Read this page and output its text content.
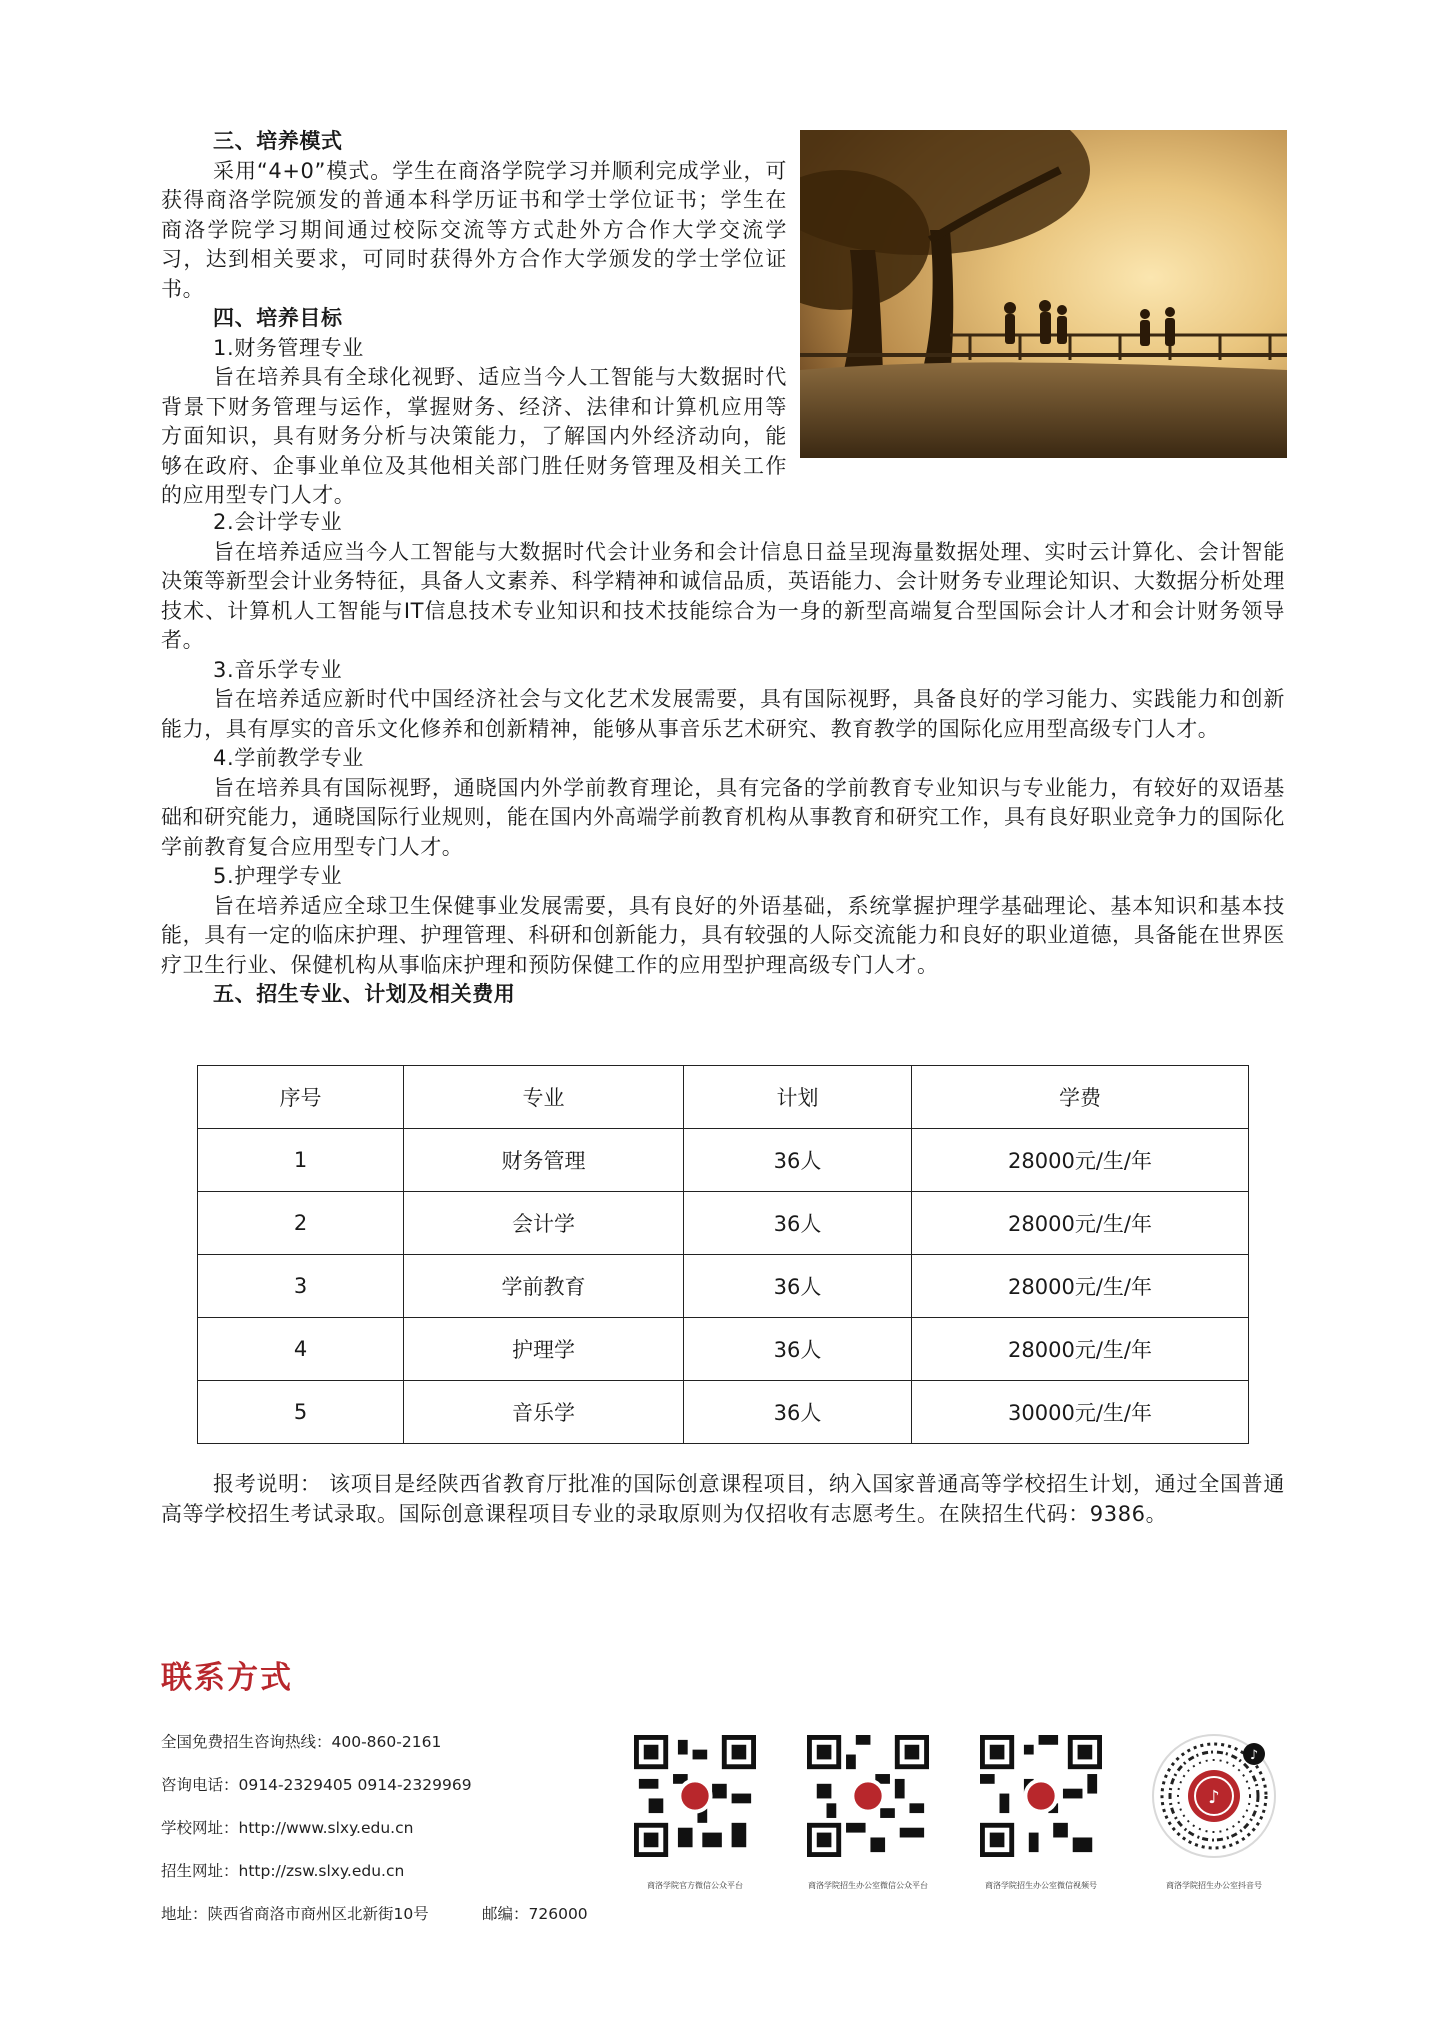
三、培养模式

采用“4+0”模式。学生在商洛学院学习并顺利完成学业，可获得商洛学院颁发的普通本科学历证书和学士学位证书；学生在商洛学院学习期间通过校际交流等方式赴外方合作大学交流学习，达到相关要求，可同时获得外方合作大学颁发的学士学位证书。

四、培养目标

1.财务管理专业

旨在培养具有全球化视野、适应当今人工智能与大数据时代背景下财务管理与运作，掌握财务、经济、法律和计算机应用等方面知识，具有财务分析与决策能力，了解国内外经济动向，能够在政府、企事业单位及其他相关部门胜任财务管理及相关工作的应用型专门人才。

2.会计学专业

旨在培养适应当今人工智能与大数据时代会计业务和会计信息日益呈现海量数据处理、实时云计算化、会计智能决策等新型会计业务特征，具备人文素养、科学精神和诚信品质，英语能力、会计财务专业理论知识、大数据分析处理技术、计算机人工智能与IT信息技术专业知识和技术技能综合为一身的新型高端复合型国际会计人才和会计财务领导者。

3.音乐学专业

旨在培养适应新时代中国经济社会与文化艺术发展需要，具有国际视野，具备良好的学习能力、实践能力和创新能力，具有厚实的音乐文化修养和创新精神，能够从事音乐艺术研究、教育教学的国际化应用型高级专门人才。

4.学前教学专业

旨在培养具有国际视野，通晓国内外学前教育理论，具有完备的学前教育专业知识与专业能力，有较好的双语基础和研究能力，通晓国际行业规则，能在国内外高端学前教育机构从事教育和研究工作，具有良好职业竞争力的国际化学前教育复合应用型专门人才。

5.护理学专业

旨在培养适应全球卫生保健事业发展需要，具有良好的外语基础，系统掌握护理学基础理论、基本知识和基本技能，具有一定的临床护理、护理管理、科研和创新能力，具有较强的人际交流能力和良好的职业道德，具备能在世界医疗卫生行业、保健机构从事临床护理和预防保健工作的应用型护理高级专门人才。

五、招生专业、计划及相关费用

序号	专业	计划	学费
1	财务管理	36人	28000元/生/年
2	会计学	36人	28000元/生/年
3	学前教育	36人	28000元/生/年
4	护理学	36人	28000元/生/年
5	音乐学	36人	30000元/生/年

报考说明： 该项目是经陕西省教育厅批准的国际创意课程项目，纳入国家普通高等学校招生计划，通过全国普通高等学校招生考试录取。国际创意课程项目专业的录取原则为仅招收有志愿考生。在陕招生代码：9386。

联系方式

全国免费招生咨询热线：400-860-2161

咨询电话：0914-2329405 0914-2329969

学校网址：http://www.slxy.edu.cn

招生网址：http://zsw.slxy.edu.cn

地址：陕西省商洛市商州区北新街10号	邮编：726000

商洛学院官方微信公众平台	商洛学院招生办公室微信公众平台	商洛学院招生办公室微信视频号

♪
♪

商洛学院招生办公室抖音号
